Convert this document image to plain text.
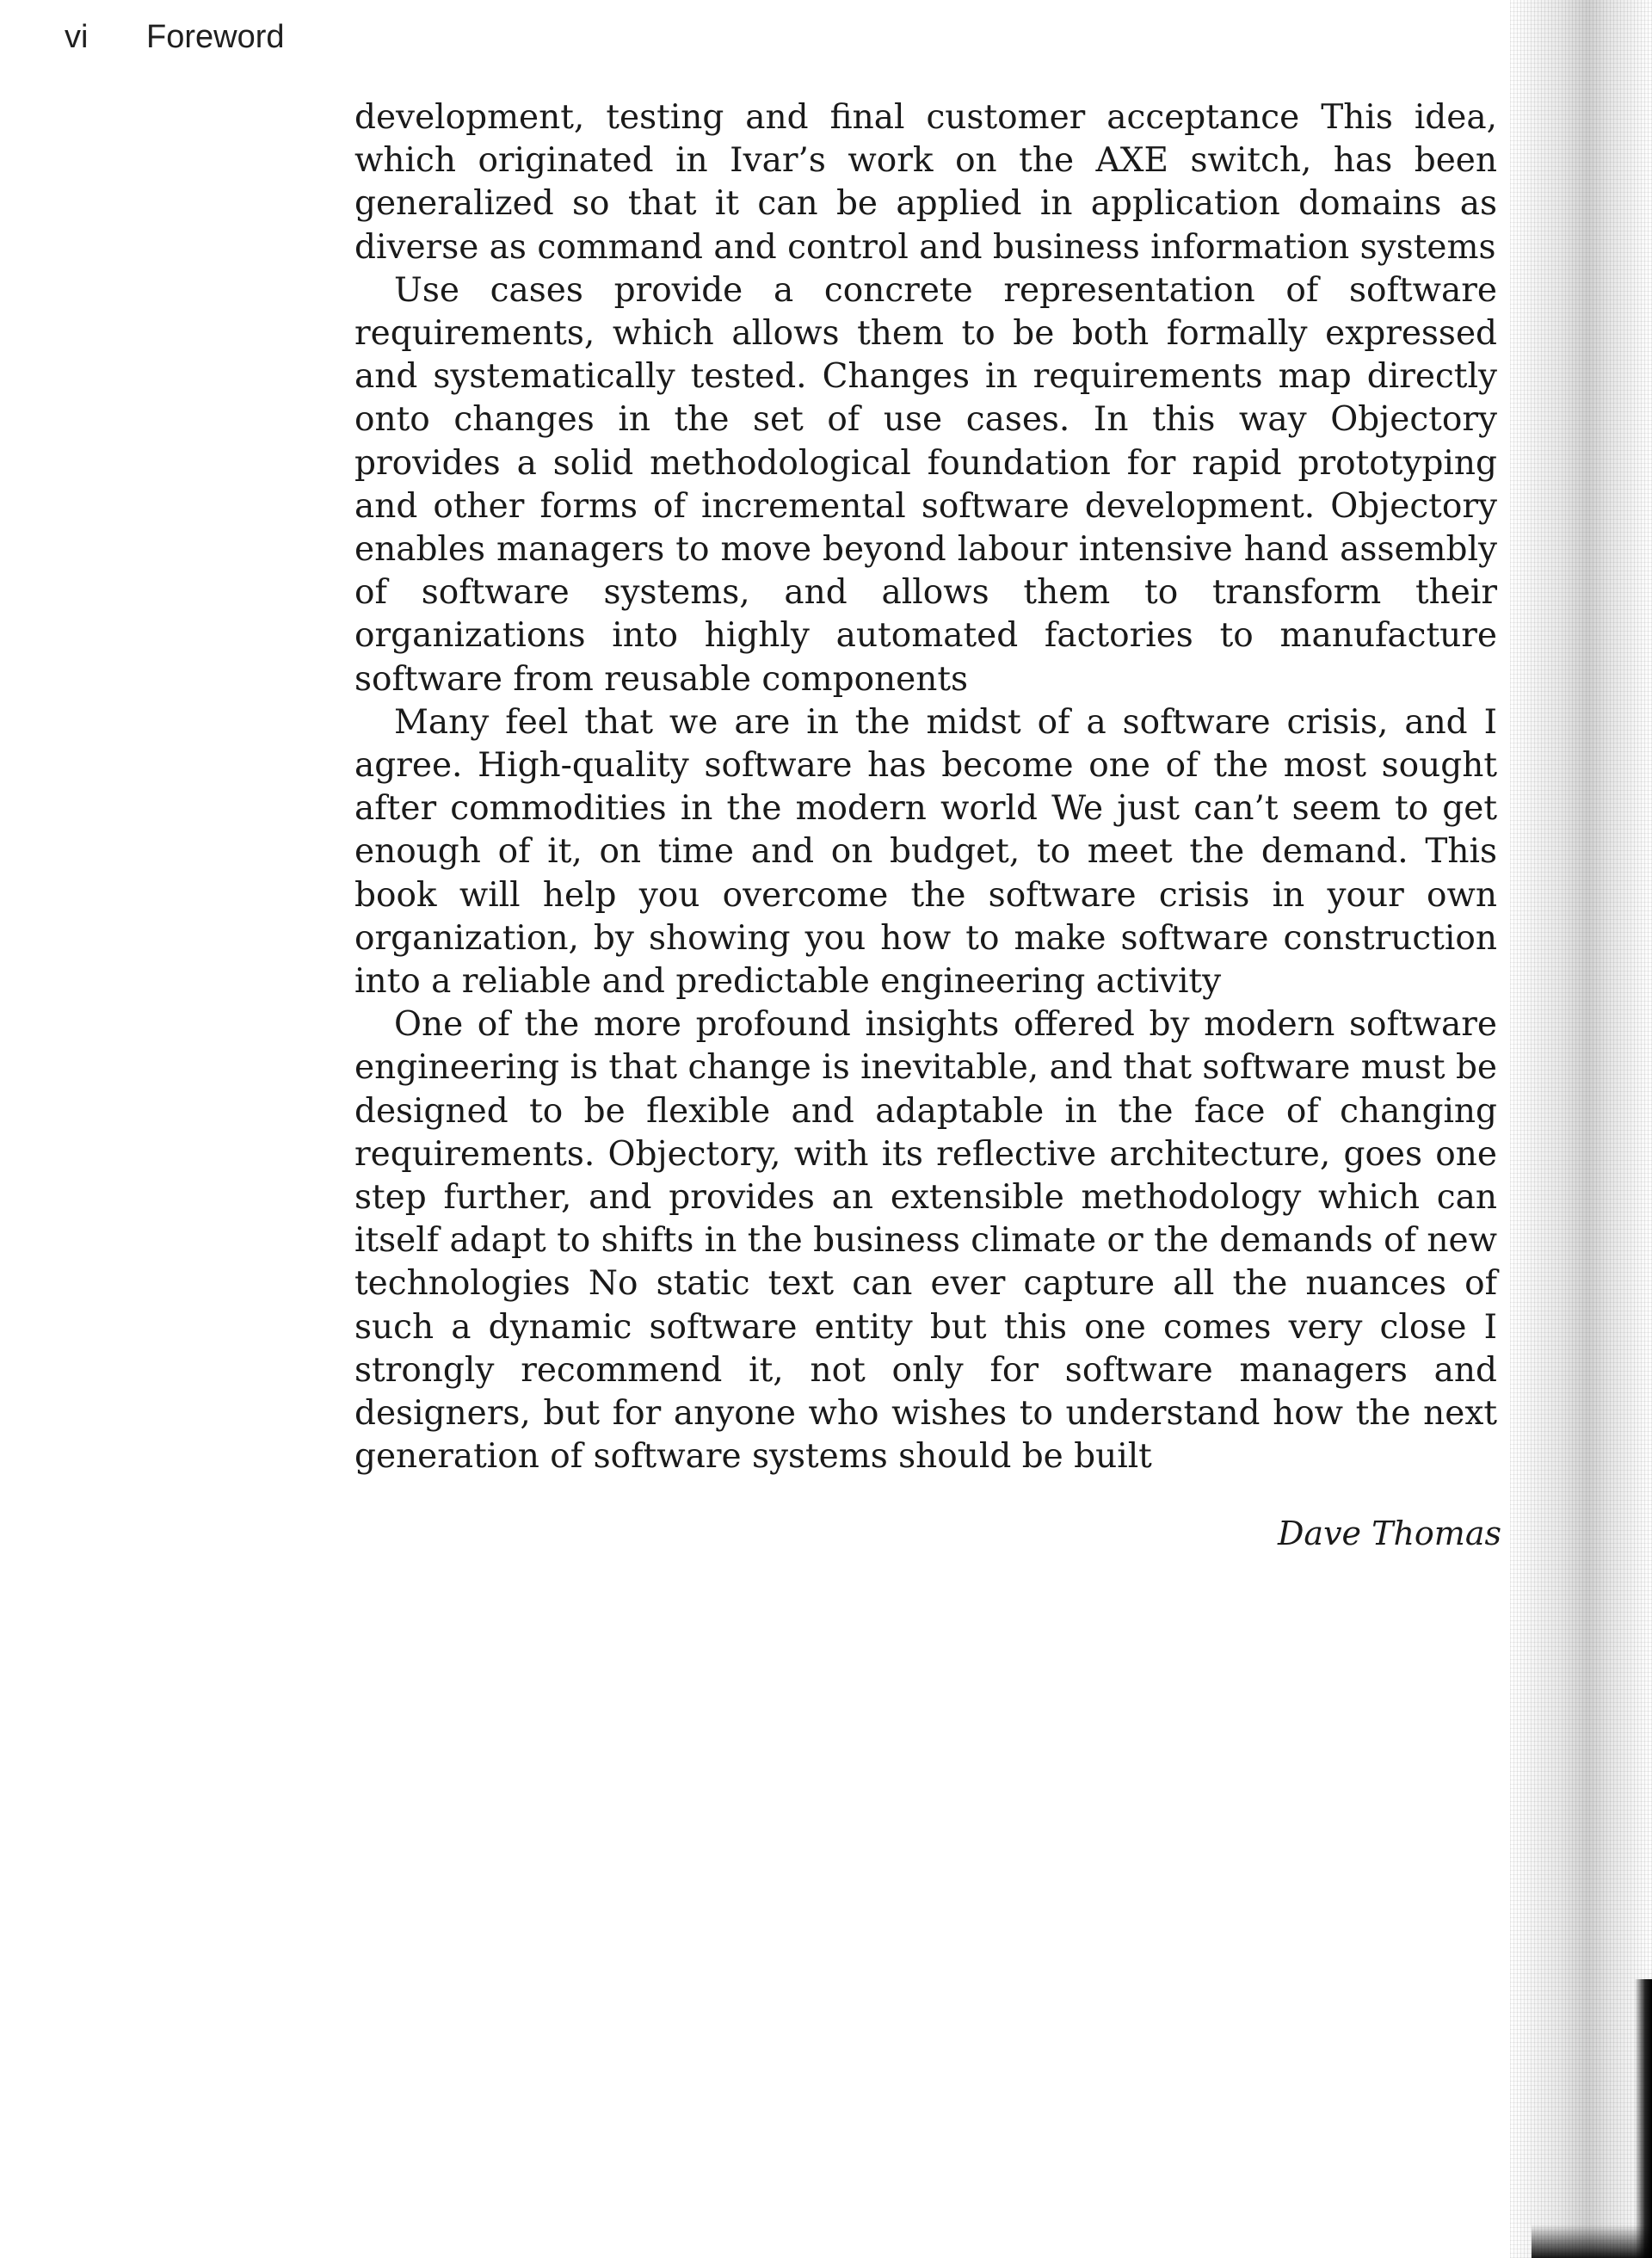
vi Foreword

development, testing and final customer acceptance This idea, which originated in Ivar’s work on the AXE switch, has been generalized so that it can be applied in application domains as diverse as command and control and business information systems

Use cases provide a concrete representation of software requirements, which allows them to be both formally expressed and systematically tested. Changes in requirements map directly onto changes in the set of use cases. In this way Objectory provides a solid methodological foundation for rapid prototyping and other forms of incremental software development. Objectory enables managers to move beyond labour intensive hand assembly of software systems, and allows them to transform their organizations into highly automated factories to manufacture software from reusable components

Many feel that we are in the midst of a software crisis, and I agree. High-quality software has become one of the most sought after commodities in the modern world We just can’t seem to get enough of it, on time and on budget, to meet the demand. This book will help you overcome the software crisis in your own organization, by showing you how to make software construction into a reliable and predictable engineering activity

One of the more profound insights offered by modern software engineering is that change is inevitable, and that software must be designed to be flexible and adaptable in the face of changing requirements. Objectory, with its reflective architecture, goes one step further, and provides an extensible methodology which can itself adapt to shifts in the business climate or the demands of new technologies No static text can ever capture all the nuances of such a dynamic software entity but this one comes very close I strongly recommend it, not only for software managers and designers, but for anyone who wishes to understand how the next generation of software systems should be built

Dave Thomas
